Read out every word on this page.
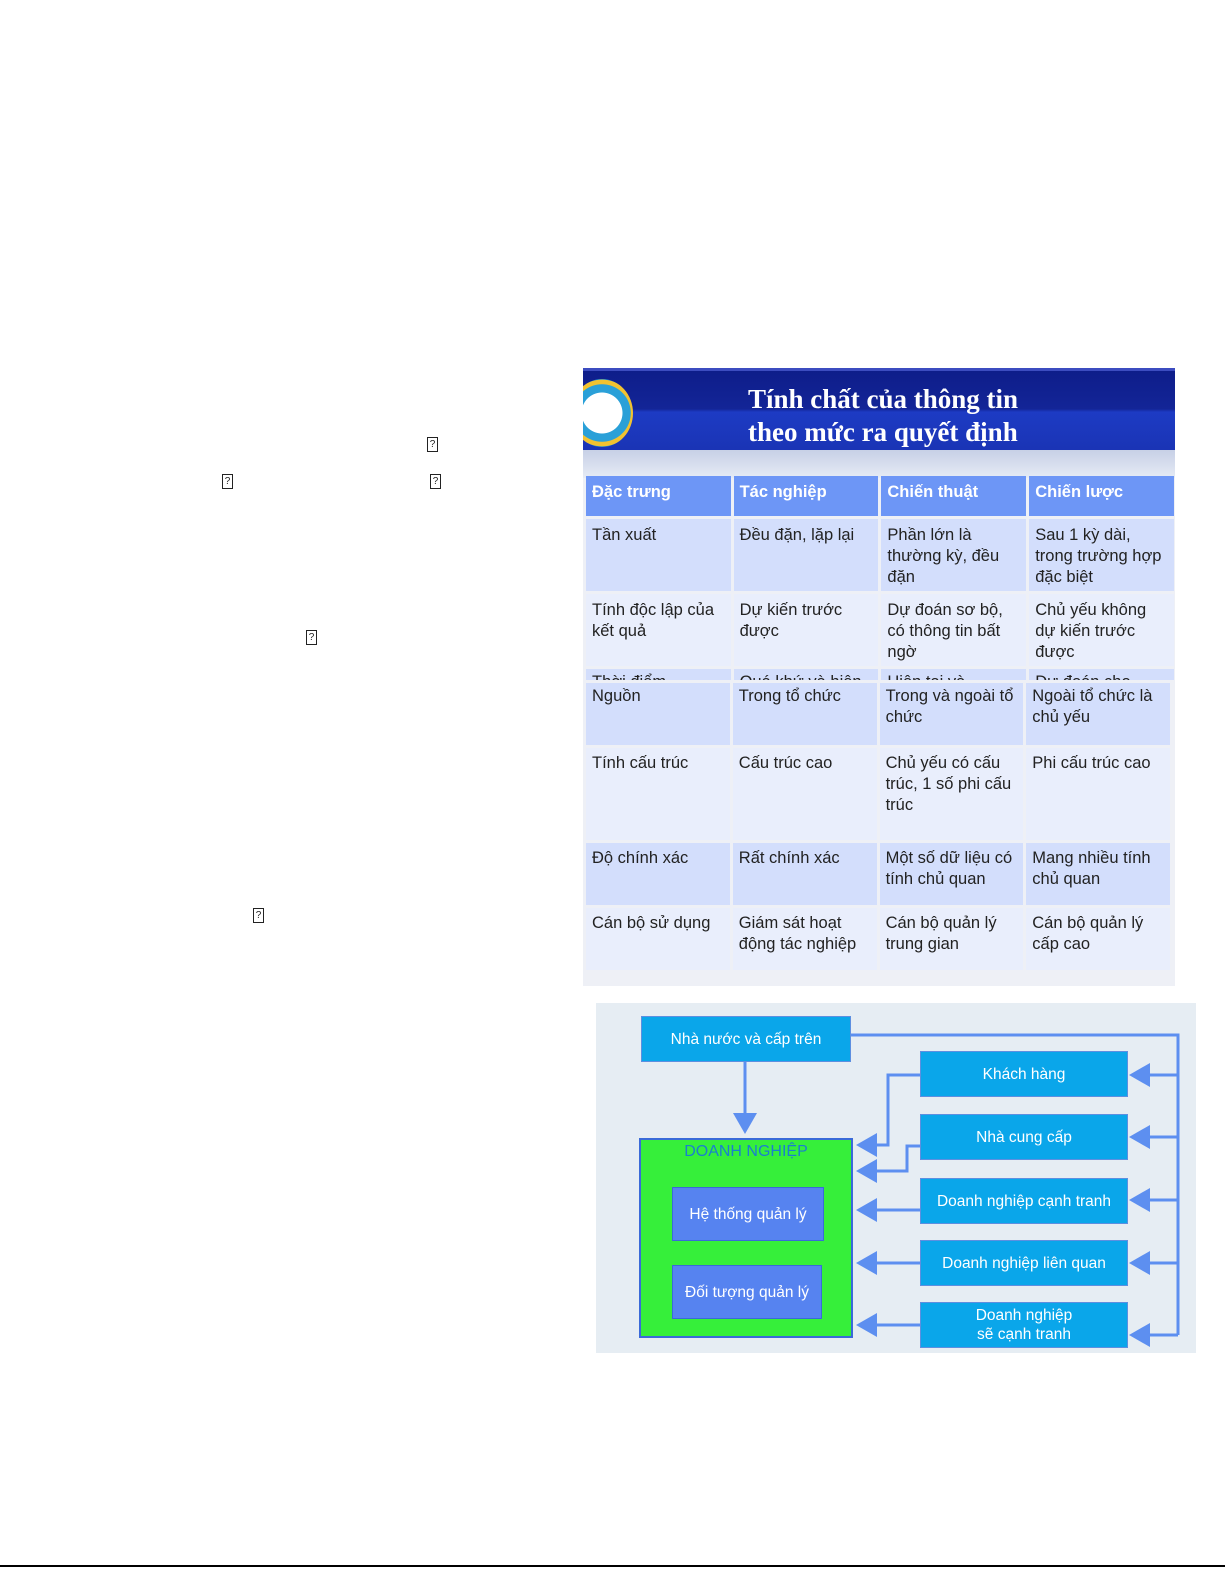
?
?	?
?
?
Tính chất của thông tin
theo mức ra quyết định
Đặc trưng	Tác nghiệp	Chiến thuật	Chiến lược
Tần xuất	Đều đặn, lặp lại	Phần lớn là thường kỳ, đều đặn	Sau 1 kỳ dài, trong trường hợp đặc biệt
Tính độc lập của kết quả	Dự kiến trước được	Dự đoán sơ bộ, có thông tin bất ngờ	Chủ yếu không dự kiến trước được

Nguồn	Trong tổ chức	Trong và ngoài tổ chức	Ngoài tổ chức là chủ yếu
Tính cấu trúc	Cấu trúc cao	Chủ yếu có cấu trúc, 1 số phi cấu trúc	Phi cấu trúc cao
Độ chính xác	Rất chính xác	Một số dữ liệu có tính chủ quan	Mang nhiều tính chủ quan
Cán bộ sử dụng	Giám sát hoạt động tác nghiệp	Cán bộ quản lý trung gian	Cán bộ quản lý cấp cao
Nhà nước và cấp trên
DOANH NGHIỆP
Hệ thống quản lý
Đối tượng quản lý
Khách hàng
Nhà cung cấp
Doanh nghiệp cạnh tranh
Doanh nghiệp liên quan
Doanh nghiệp
sẽ cạnh tranh
